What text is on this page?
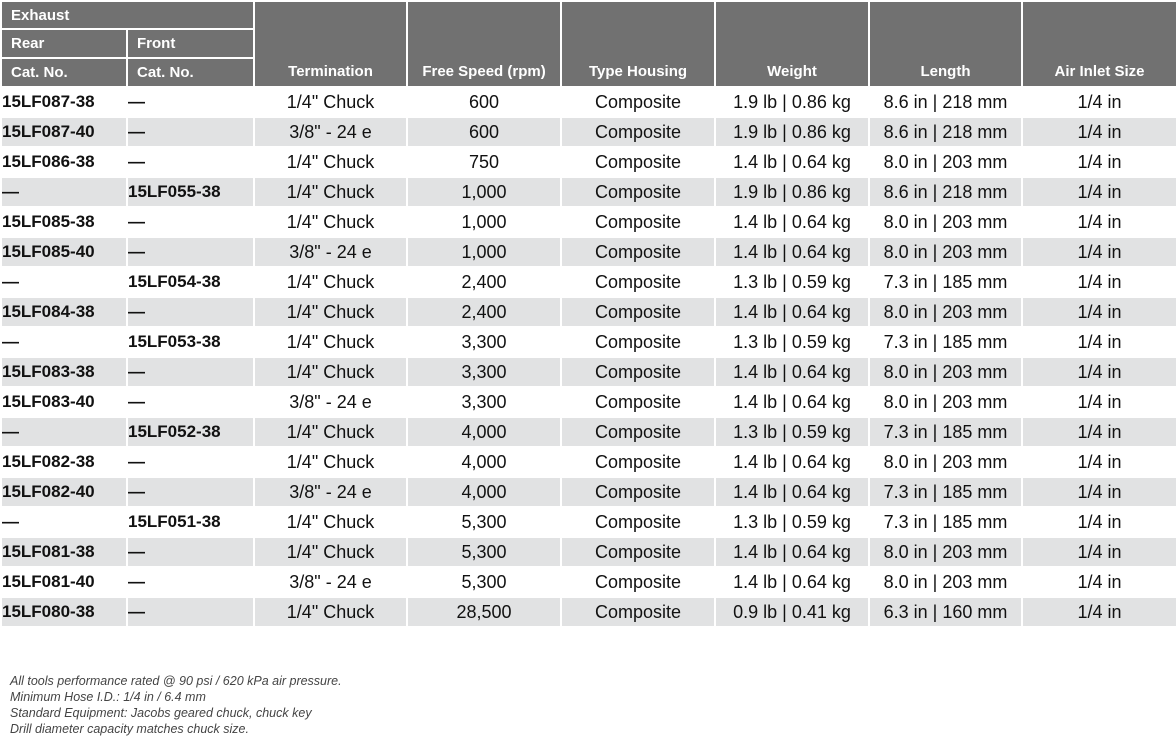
Exhaust		Termination	Free Speed (rpm)	Type Housing	Weight	Length	Air Inlet Size
Rear	Front						
Cat. No.	Cat. No.						
15LF087-38	—	1/4" Chuck	600	Composite	1.9 lb | 0.86 kg	8.6 in | 218 mm	1/4 in
15LF087-40	—	3/8" - 24 e	600	Composite	1.9 lb | 0.86 kg	8.6 in | 218 mm	1/4 in
15LF086-38	—	1/4" Chuck	750	Composite	1.4 lb | 0.64 kg	8.0 in | 203 mm	1/4 in
—	15LF055-38	1/4" Chuck	1,000	Composite	1.9 lb | 0.86 kg	8.6 in | 218 mm	1/4 in
15LF085-38	—	1/4" Chuck	1,000	Composite	1.4 lb | 0.64 kg	8.0 in | 203 mm	1/4 in
15LF085-40	—	3/8" - 24 e	1,000	Composite	1.4 lb | 0.64 kg	8.0 in | 203 mm	1/4 in
—	15LF054-38	1/4" Chuck	2,400	Composite	1.3 lb | 0.59 kg	7.3 in | 185 mm	1/4 in
15LF084-38	—	1/4" Chuck	2,400	Composite	1.4 lb | 0.64 kg	8.0 in | 203 mm	1/4 in
—	15LF053-38	1/4" Chuck	3,300	Composite	1.3 lb | 0.59 kg	7.3 in | 185 mm	1/4 in
15LF083-38	—	1/4" Chuck	3,300	Composite	1.4 lb | 0.64 kg	8.0 in | 203 mm	1/4 in
15LF083-40	—	3/8" - 24 e	3,300	Composite	1.4 lb | 0.64 kg	8.0 in | 203 mm	1/4 in
—	15LF052-38	1/4" Chuck	4,000	Composite	1.3 lb | 0.59 kg	7.3 in | 185 mm	1/4 in
15LF082-38	—	1/4" Chuck	4,000	Composite	1.4 lb | 0.64 kg	8.0 in | 203 mm	1/4 in
15LF082-40	—	3/8" - 24 e	4,000	Composite	1.4 lb | 0.64 kg	7.3 in | 185 mm	1/4 in
—	15LF051-38	1/4" Chuck	5,300	Composite	1.3 lb | 0.59 kg	7.3 in | 185 mm	1/4 in
15LF081-38	—	1/4" Chuck	5,300	Composite	1.4 lb | 0.64 kg	8.0 in | 203 mm	1/4 in
15LF081-40	—	3/8" - 24 e	5,300	Composite	1.4 lb | 0.64 kg	8.0 in | 203 mm	1/4 in
15LF080-38	—	1/4" Chuck	28,500	Composite	0.9 lb | 0.41 kg	6.3 in | 160 mm	1/4 in
All tools performance rated @ 90 psi / 620 kPa air pressure.
Minimum Hose I.D.: 1/4 in / 6.4 mm
Standard Equipment: Jacobs geared chuck, chuck key
Drill diameter capacity matches chuck size.
